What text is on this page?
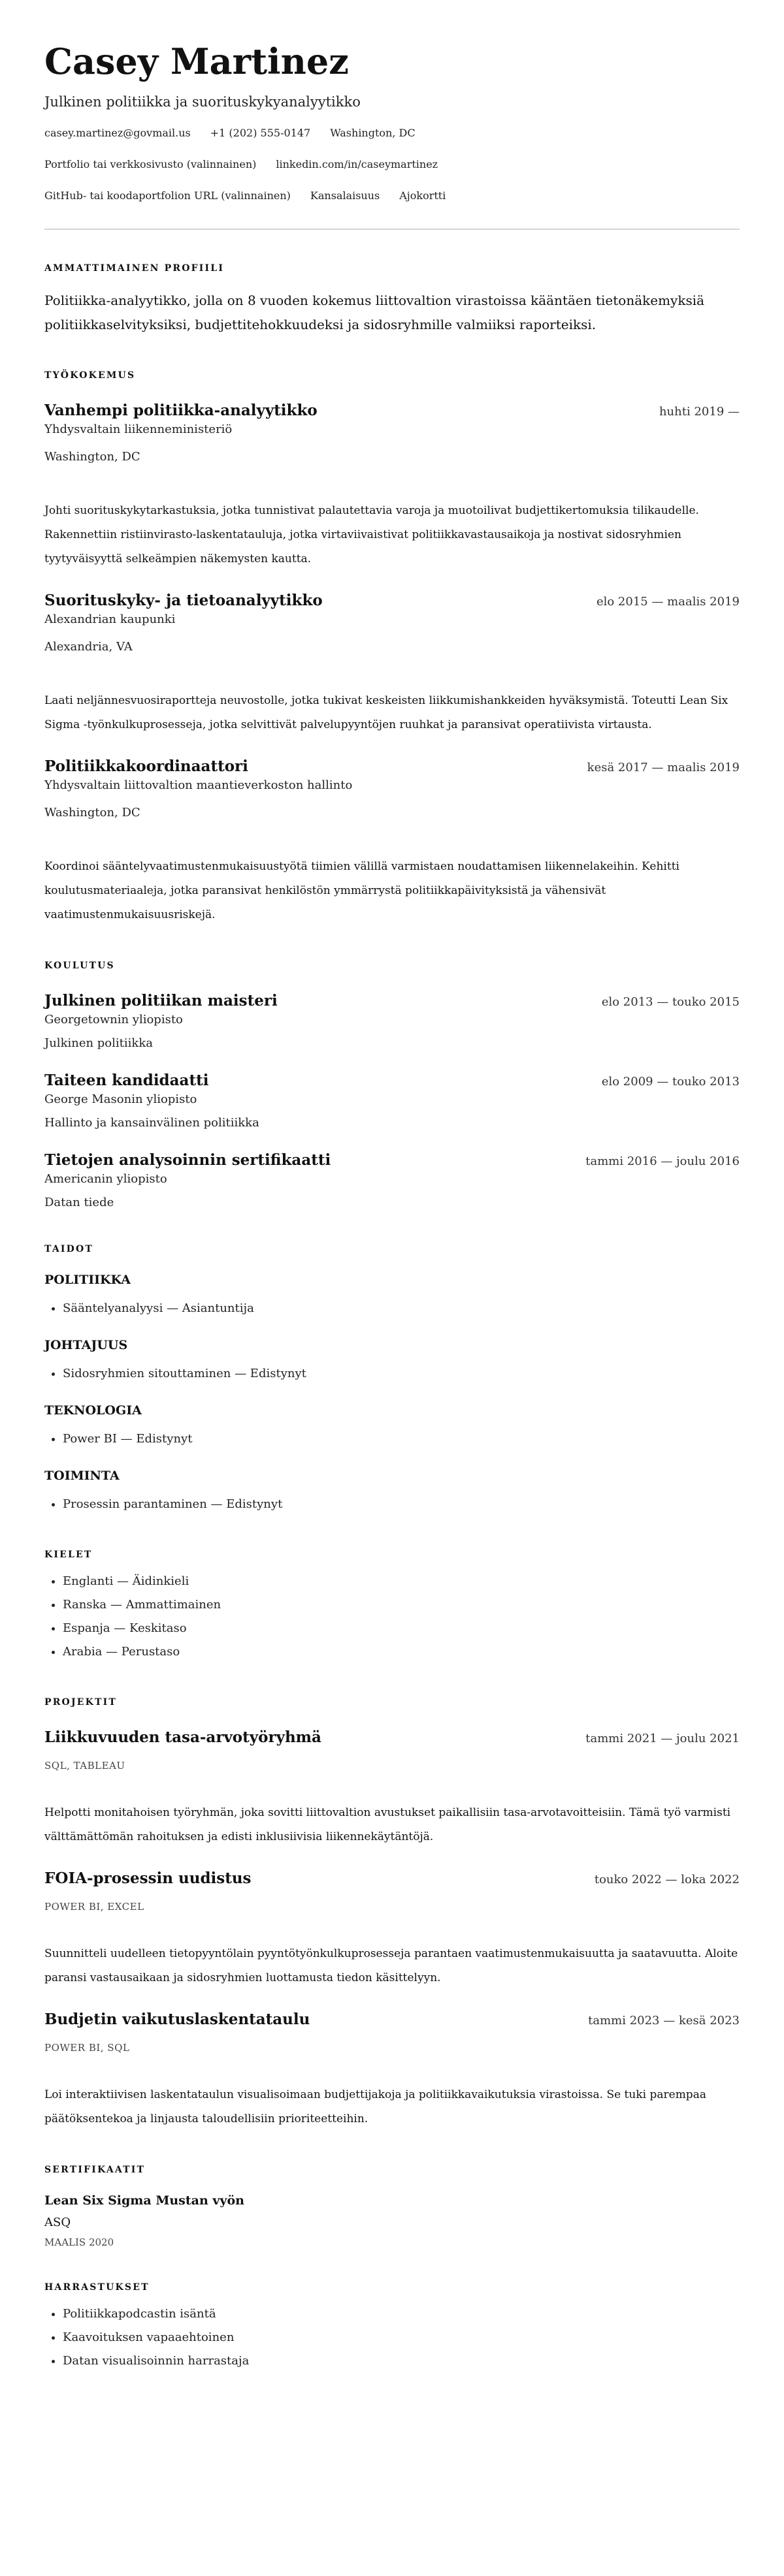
Casey Martinez

Julkinen politiikka ja suorituskykyanalyytikko

casey.martinez@govmail.us +1 (202) 555-0147 Washington, DC
Portfolio tai verkkosivusto (valinnainen) linkedin.com/in/caseymartinez
GitHub- tai koodaportfolion URL (valinnainen) Kansalaisuus Ajokortti
AMMATTIMAINEN PROFIILI

Politiikka-analyytikko, jolla on 8 vuoden kokemus liittovaltion virastoissa kääntäen tietonäkemyksiä politiikkaselvityksiksi, budjettitehokkuudeksi ja sidosryhmille valmiiksi raporteiksi.

TYÖKOKEMUS
Vanhempi politiikka-analyytikko	huhti 2019 —
Yhdysvaltain liikenneministeriö
Washington, DC
Johti suorituskykytarkastuksia, jotka tunnistivat palautettavia varoja ja muotoilivat budjettikertomuksia tilikaudelle. Rakennettiin ristiinvirasto-laskentatauluja, jotka virtaviivaistivat politiikkavastausaikoja ja nostivat sidosryhmien tyytyväisyyttä selkeämpien näkemysten kautta.
Suorituskyky- ja tietoanalyytikko	elo 2015 — maalis 2019
Alexandrian kaupunki
Alexandria, VA
Laati neljännesvuosiraportteja neuvostolle, jotka tukivat keskeisten liikkumishankkeiden hyväksymistä. Toteutti Lean Six Sigma -työnkulkuprosesseja, jotka selvittivät palvelupyyntöjen ruuhkat ja paransivat operatiivista virtausta.
Politiikkakoordinaattori	kesä 2017 — maalis 2019
Yhdysvaltain liittovaltion maantieverkoston hallinto
Washington, DC
Koordinoi sääntelyvaatimustenmukaisuustyötä tiimien välillä varmistaen noudattamisen liikennelakeihin. Kehitti koulutusmateriaaleja, jotka paransivat henkilöstön ymmärrystä politiikkapäivityksistä ja vähensivät vaatimustenmukaisuusriskejä.
KOULUTUS
Julkinen politiikan maisteri	elo 2013 — touko 2015
Georgetownin yliopisto
Julkinen politiikka
Taiteen kandidaatti	elo 2009 — touko 2013
George Masonin yliopisto
Hallinto ja kansainvälinen politiikka
Tietojen analysoinnin sertifikaatti	tammi 2016 — joulu 2016
Americanin yliopisto
Datan tiede
TAIDOT
POLITIIKKA
• Sääntelyanalyysi — Asiantuntija
JOHTAJUUS
• Sidosryhmien sitouttaminen — Edistynyt
TEKNOLOGIA
• Power BI — Edistynyt
TOIMINTA
• Prosessin parantaminen — Edistynyt
KIELET
• Englanti — Äidinkieli
• Ranska — Ammattimainen
• Espanja — Keskitaso
• Arabia — Perustaso
PROJEKTIT
Liikkuvuuden tasa-arvotyöryhmä	tammi 2021 — joulu 2021
SQL, TABLEAU
Helpotti monitahoisen työryhmän, joka sovitti liittovaltion avustukset paikallisiin tasa-arvotavoitteisiin. Tämä työ varmisti välttämättömän rahoituksen ja edisti inklusiivisia liikennekäytäntöjä.
FOIA-prosessin uudistus	touko 2022 — loka 2022
POWER BI, EXCEL
Suunnitteli uudelleen tietopyyntölain pyyntötyönkulkuprosesseja parantaen vaatimustenmukaisuutta ja saatavuutta. Aloite paransi vastausaikaan ja sidosryhmien luottamusta tiedon käsittelyyn.
Budjetin vaikutuslaskentataulu	tammi 2023 — kesä 2023
POWER BI, SQL
Loi interaktiivisen laskentataulun visualisoimaan budjettijakoja ja politiikkavaikutuksia virastoissa. Se tuki parempaa päätöksentekoa ja linjausta taloudellisiin prioriteetteihin.
SERTIFIKAATIT
Lean Six Sigma Mustan vyön
ASQ
MAALIS 2020
HARRASTUKSET
• Politiikkapodcastin isäntä
• Kaavoituksen vapaaehtoinen
• Datan visualisoinnin harrastaja
